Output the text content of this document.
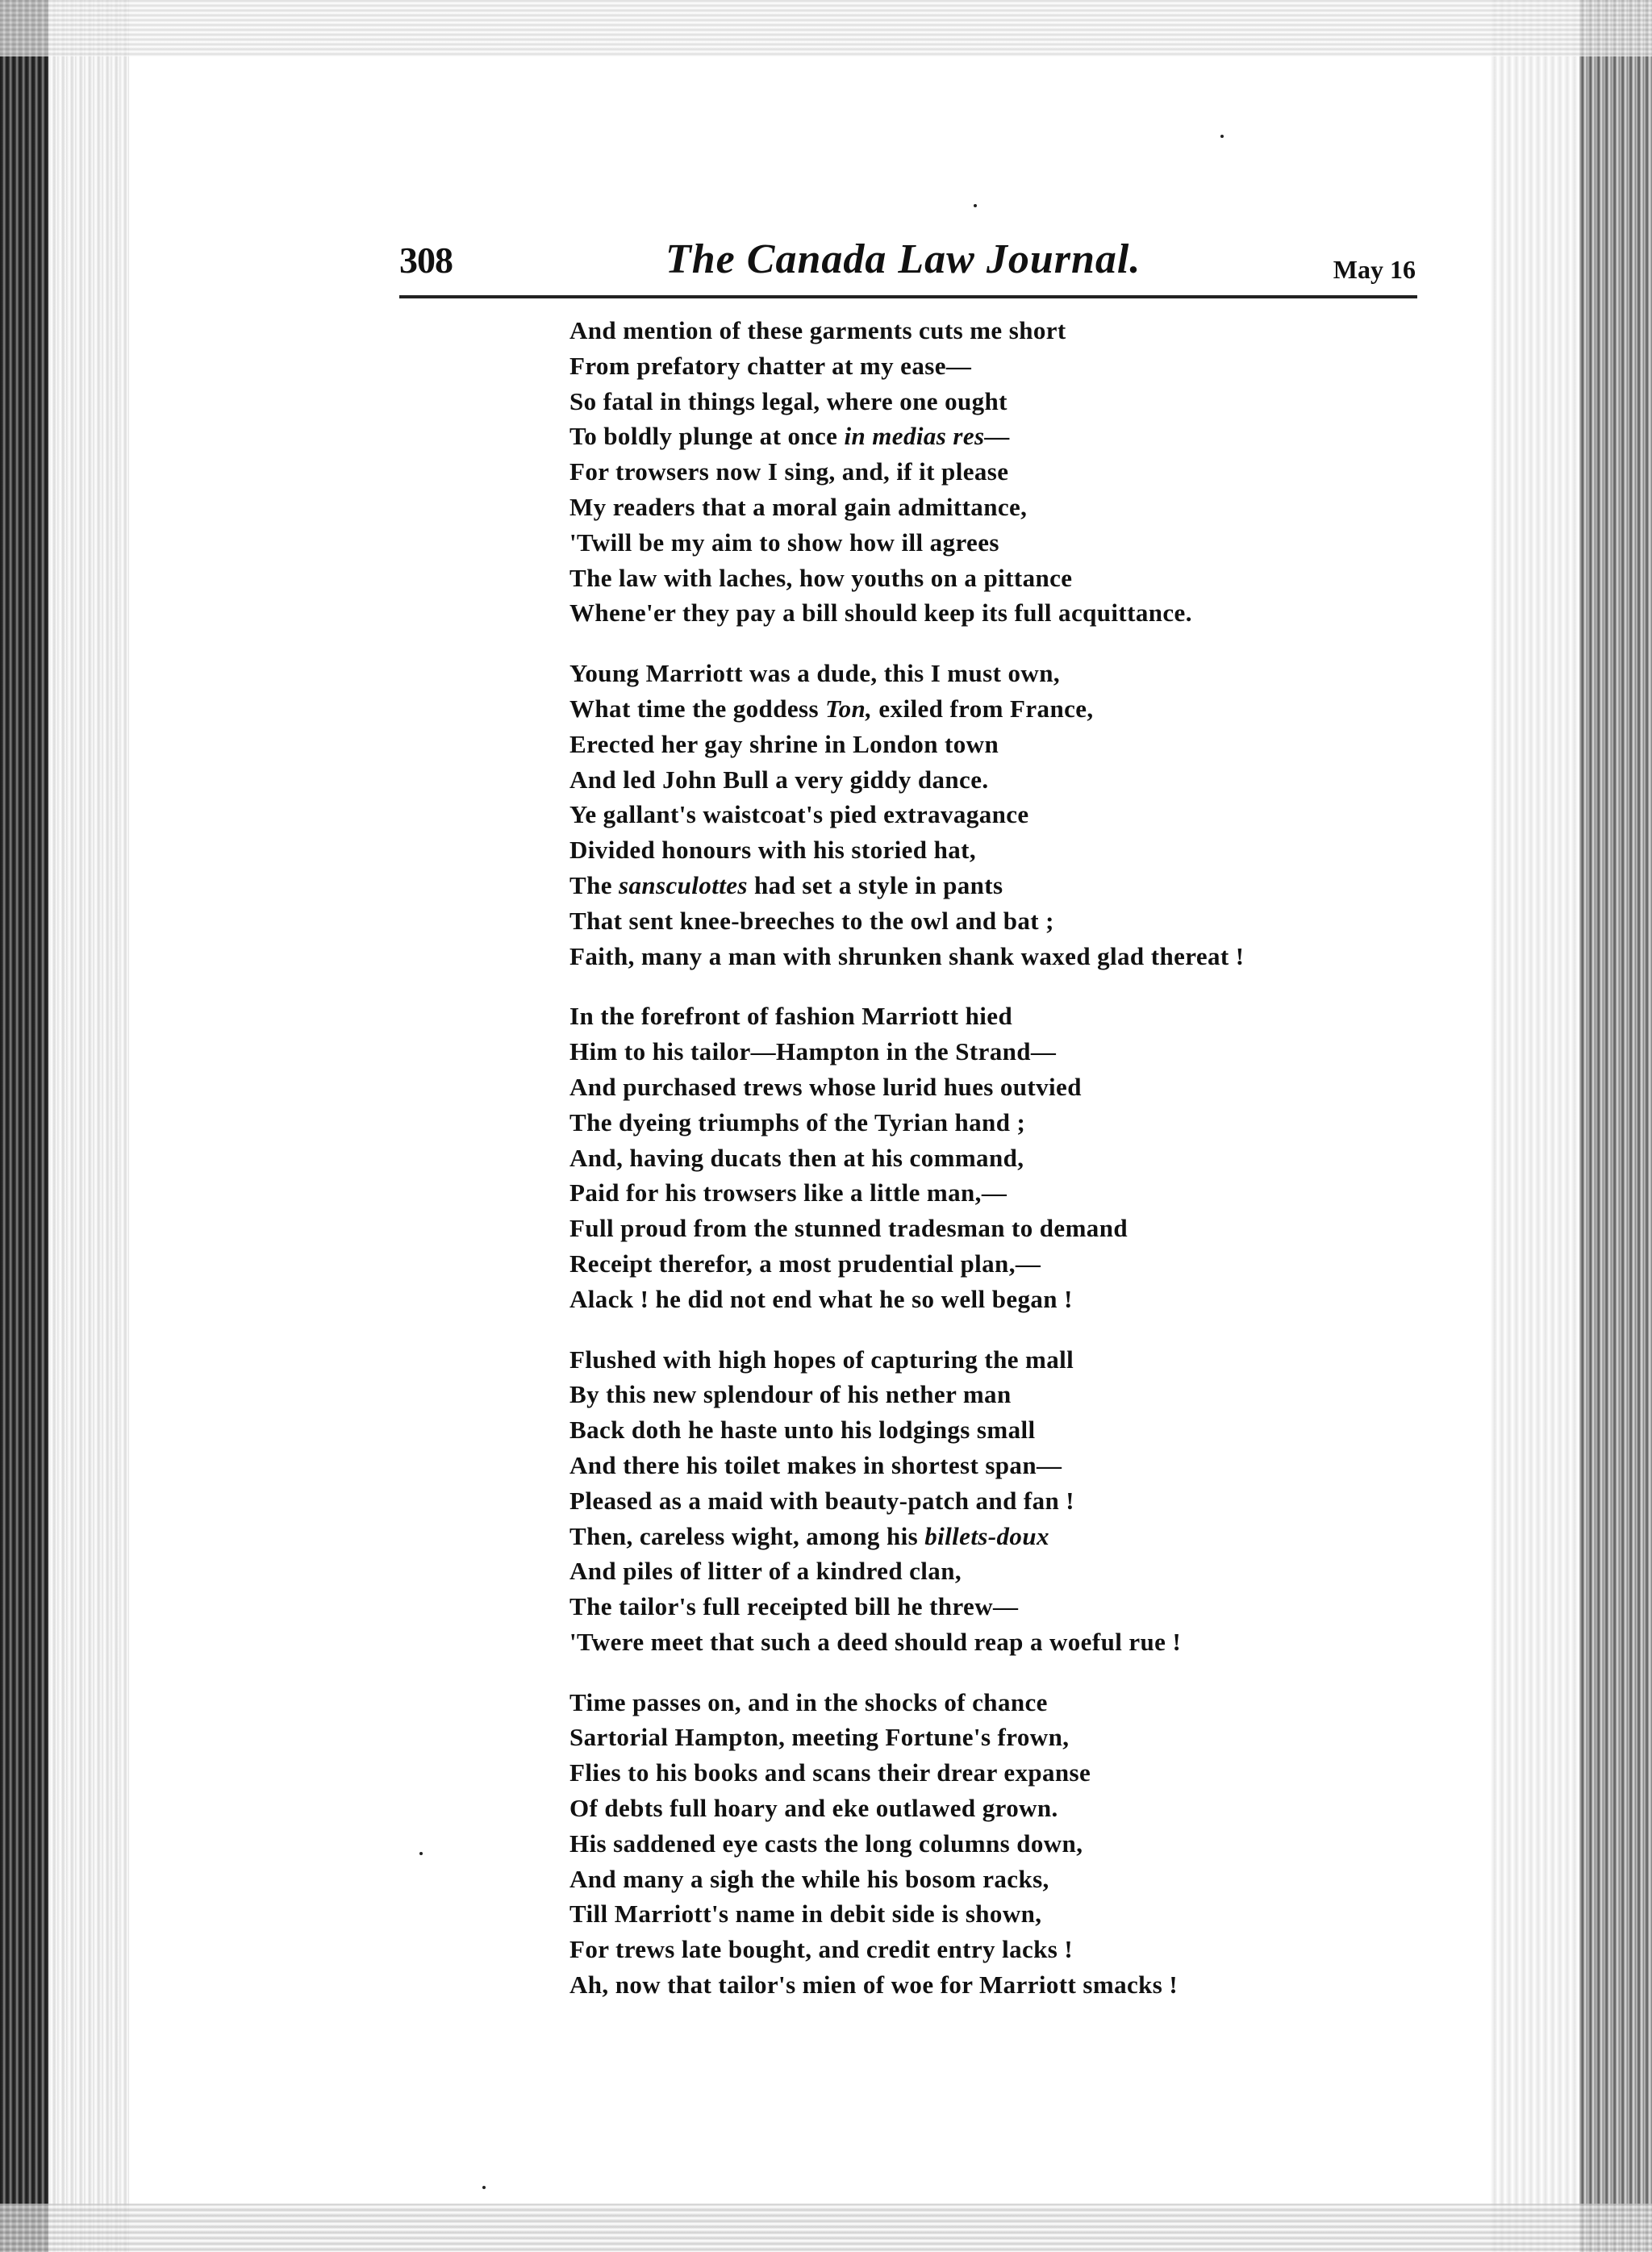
308	The Canada Law Journal.	May 16
And mention of these garments cuts me short
From prefatory chatter at my ease—
So fatal in things legal, where one ought
To boldly plunge at once in medias res—
For trowsers now I sing, and, if it please
My readers that a moral gain admittance,
'Twill be my aim to show how ill agrees
The law with laches, how youths on a pittance
Whene'er they pay a bill should keep its full acquittance.
Young Marriott was a dude, this I must own,
What time the goddess Ton, exiled from France,
Erected her gay shrine in London town
And led John Bull a very giddy dance.
Ye gallant's waistcoat's pied extravagance
Divided honours with his storied hat,
The sansculottes had set a style in pants
That sent knee-breeches to the owl and bat ;
Faith, many a man with shrunken shank waxed glad thereat !
In the forefront of fashion Marriott hied
Him to his tailor—Hampton in the Strand—
And purchased trews whose lurid hues outvied
The dyeing triumphs of the Tyrian hand ;
And, having ducats then at his command,
Paid for his trowsers like a little man,—
Full proud from the stunned tradesman to demand
Receipt therefor, a most prudential plan,—
Alack ! he did not end what he so well began !
Flushed with high hopes of capturing the mall
By this new splendour of his nether man
Back doth he haste unto his lodgings small
And there his toilet makes in shortest span—
Pleased as a maid with beauty-patch and fan !
Then, careless wight, among his billets-doux
And piles of litter of a kindred clan,
The tailor's full receipted bill he threw—
'Twere meet that such a deed should reap a woeful rue !
Time passes on, and in the shocks of chance
Sartorial Hampton, meeting Fortune's frown,
Flies to his books and scans their drear expanse
Of debts full hoary and eke outlawed grown.
His saddened eye casts the long columns down,
And many a sigh the while his bosom racks,
Till Marriott's name in debit side is shown,
For trews late bought, and credit entry lacks !
Ah, now that tailor's mien of woe for Marriott smacks !
